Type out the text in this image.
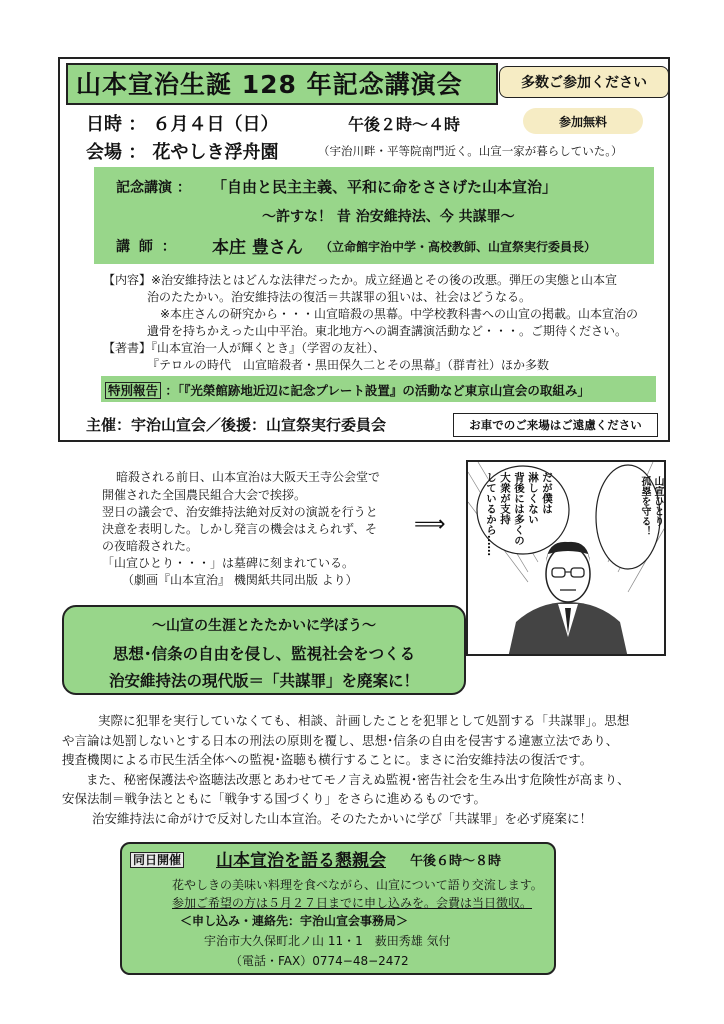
山本宣治生誕 128 年記念講演会	多数ご参加ください
日時 ： ６月４日（日）	午後２時〜４時	参加無料
会場 ： 花やしき浮舟園	（宇治川畔・平等院南門近く。山宣一家が暮らしていた。）
記念講演 ： 「自由と民主主義、平和に命をささげた山本宣治」
〜許すな！ 昔 治安維持法、今 共謀罪〜
講 師 ： 本庄 豊さん （立命館宇治中学・高校教師、山宣祭実行委員長）
【内容】※治安維持法とはどんな法律だったか。成立経過とその後の改悪。弾圧の実態と山本宣
治のたたかい。治安維持法の復活＝共謀罪の狙いは、社会はどうなる。
※本庄さんの研究から・・・山宣暗殺の黒幕。中学校教科書への山宣の掲載。山本宣治の
遺骨を持ちかえった山中平治。東北地方への調査講演活動など・・・。ご期待ください。
【著書】『山本宣治一人が輝くとき』（学習の友社）、
『テロルの時代　山宣暗殺者・黒田保久二とその黒幕』（群青社）ほか多数
特別報告 ：「『光榮館跡地近辺に記念プレート設置』の活動など東京山宣会の取組み」
主催：宇治山宣会／後援：山宣祭実行委員会	お車でのご来場はご遠慮ください
暗殺される前日、山本宣治は大阪天王寺公会堂で
開催された全国農民組合大会で挨拶。
翌日の議会で、治安維持法絶対反対の演説を行うと
決意を表明した。しかし発言の機会はえられず、そ
の夜暗殺された。
「山宣ひとり・・・」は墓碑に刻まれている。
（劇画『山本宣治』 機関紙共同出版 より）
⟹	山宣ひとり
孤塁を守る！
だが僕は
淋しくない
背後には多くの
大衆が支持
しているから……
〜山宣の生涯とたたかいに学ぼう〜
思想･信条の自由を侵し、監視社会をつくる
治安維持法の現代版＝「共謀罪」を廃案に！
実際に犯罪を実行していなくても、相談、計画したことを犯罪として処罰する「共謀罪」。思想
や言論は処罰しないとする日本の刑法の原則を覆し、思想･信条の自由を侵害する違憲立法であり、
捜査機関による市民生活全体への監視･盗聴も横行することに。まさに治安維持法の復活です。
また、秘密保護法や盗聴法改悪とあわせてモノ言えぬ監視･密告社会を生み出す危険性が高まり、
安保法制＝戦争法とともに「戦争する国づくり」をさらに進めるものです。
治安維持法に命がけで反対した山本宣治。そのたたかいに学び「共謀罪」を必ず廃案に！
同日開催 山本宣治を語る懇親会 午後６時〜８時
花やしきの美味い料理を食べながら、山宣について語り交流します。
参加ご希望の方は５月２７日までに申し込みを。会費は当日徴収。
＜申し込み・連絡先：宇治山宣会事務局＞
宇治市大久保町北ノ山 11・1　薮田秀雄 気付
（電話・FAX）0774−48−2472
